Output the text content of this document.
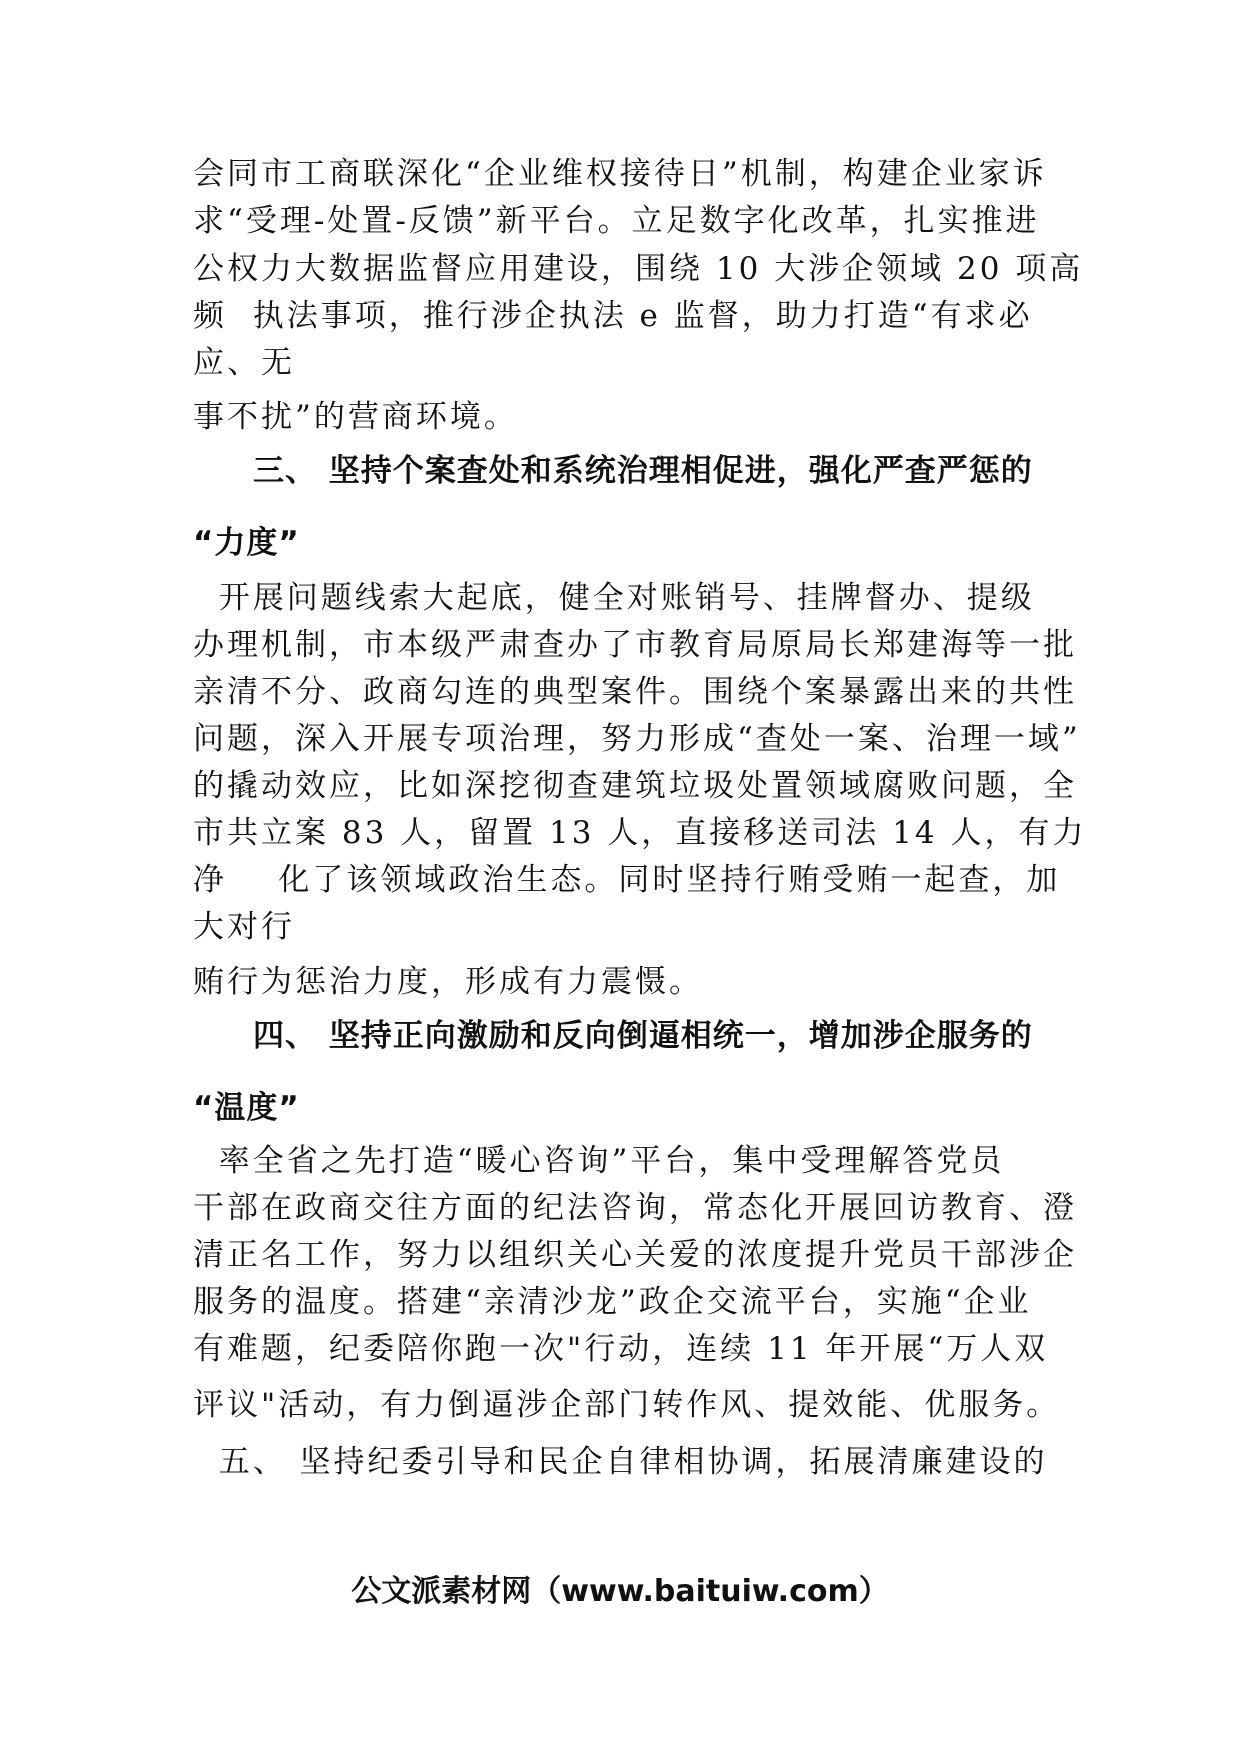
会同市工商联深化“企业维权接待日”机制，构建企业家诉
求“受理-处置-反馈”新平台。立足数字化改革，扎实推进
公权力大数据监督应用建设，围绕 10 大涉企领域 20 项高
频  执法事项，推行涉企执法 e 监督，助力打造“有求必
应、无
事不扰”的营商环境。
三、 坚持个案查处和系统治理相促进，强化严查严惩的
“力度”
开展问题线索大起底，健全对账销号、挂牌督办、提级
办理机制，市本级严肃查办了市教育局原局长郑建海等一批
亲清不分、政商勾连的典型案件。围绕个案暴露出来的共性
问题，深入开展专项治理，努力形成“查处一案、治理一域”
的撬动效应，比如深挖彻查建筑垃圾处置领域腐败问题，全
市共立案 83 人，留置 13 人，直接移送司法 14 人，有力
净    化了该领域政治生态。同时坚持行贿受贿一起查，加
大对行
贿行为惩治力度，形成有力震慑。
四、 坚持正向激励和反向倒逼相统一，增加涉企服务的
“温度”
率全省之先打造“暖心咨询”平台，集中受理解答党员
干部在政商交往方面的纪法咨询，常态化开展回访教育、澄
清正名工作，努力以组织关心关爱的浓度提升党员干部涉企
服务的温度。搭建“亲清沙龙”政企交流平台，实施“企业
有难题，纪委陪你跑一次"行动，连续 11 年开展“万人双
评议"活动，有力倒逼涉企部门转作风、提效能、优服务。
五、 坚持纪委引导和民企自律相协调，拓展清廉建设的
公文派素材网（www.baituiw.com）
